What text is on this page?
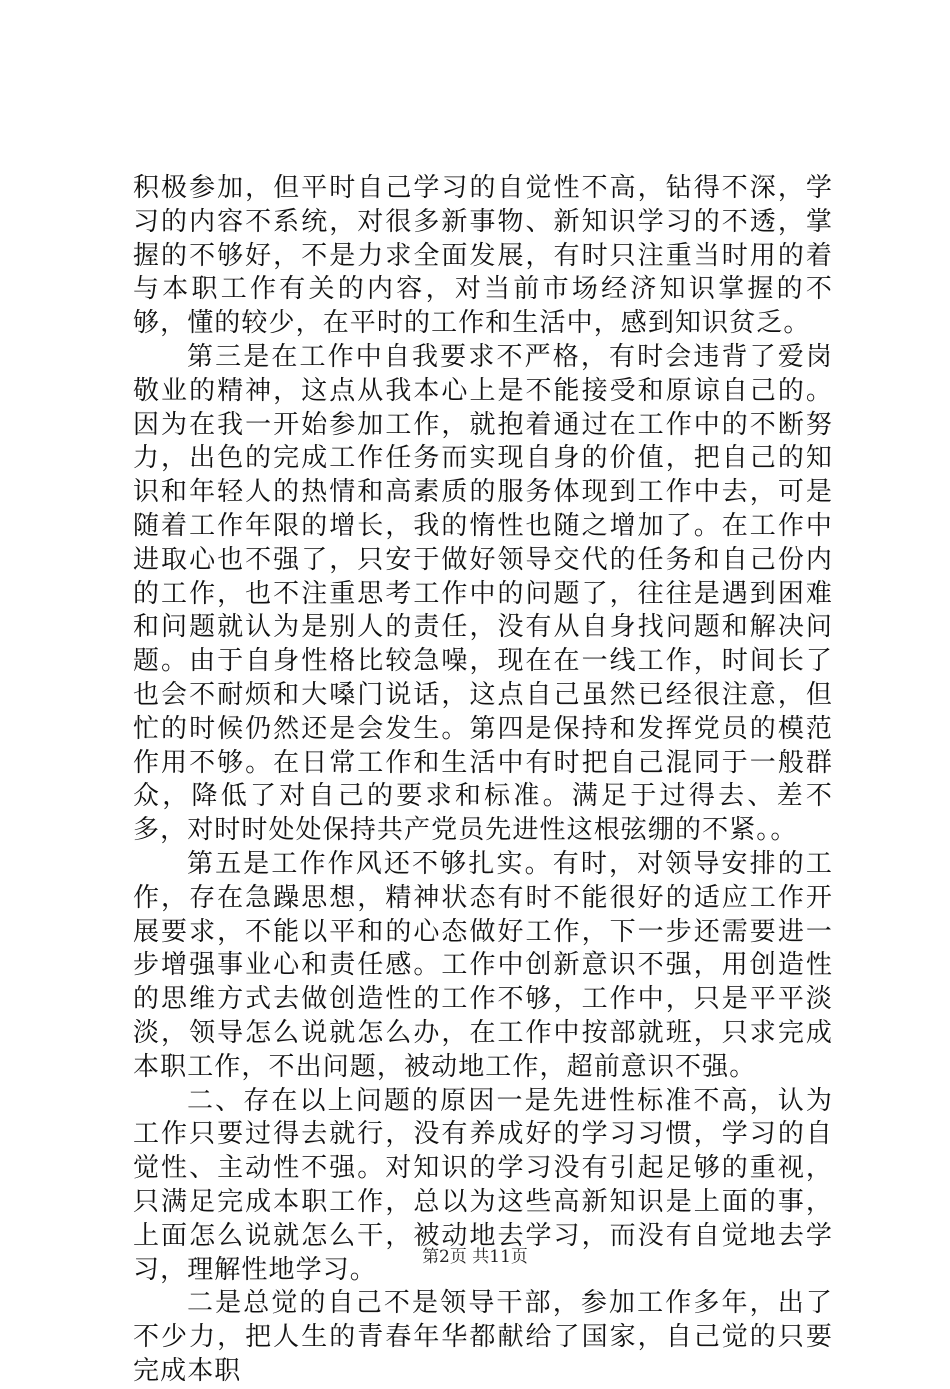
积极参加，但平时自己学习的自觉性不高，钻得不深，学习的内容不系统，对很多新事物、新知识学习的不透，掌握的不够好，不是力求全面发展，有时只注重当时用的着与本职工作有关的内容，对当前市场经济知识掌握的不够，懂的较少，在平时的工作和生活中，感到知识贫乏。

第三是在工作中自我要求不严格，有时会违背了爱岗敬业的精神，这点从我本心上是不能接受和原谅自己的。因为在我一开始参加工作，就抱着通过在工作中的不断努力，出色的完成工作任务而实现自身的价值，把自己的知识和年轻人的热情和高素质的服务体现到工作中去，可是随着工作年限的增长，我的惰性也随之增加了。在工作中进取心也不强了，只安于做好领导交代的任务和自己份内的工作，也不注重思考工作中的问题了，往往是遇到困难和问题就认为是别人的责任，没有从自身找问题和解决问题。由于自身性格比较急噪，现在在一线工作，时间长了也会不耐烦和大嗓门说话，这点自己虽然已经很注意，但忙的时候仍然还是会发生。第四是保持和发挥党员的模范作用不够。在日常工作和生活中有时把自己混同于一般群众，降低了对自己的要求和标准。满足于过得去、差不多，对时时处处保持共产党员先进性这根弦绷的不紧。。

第五是工作作风还不够扎实。有时，对领导安排的工作，存在急躁思想，精神状态有时不能很好的适应工作开展要求，不能以平和的心态做好工作，下一步还需要进一步增强事业心和责任感。工作中创新意识不强，用创造性的思维方式去做创造性的工作不够，工作中，只是平平淡淡，领导怎么说就怎么办，在工作中按部就班，只求完成本职工作，不出问题，被动地工作，超前意识不强。

二、存在以上问题的原因一是先进性标准不高，认为工作只要过得去就行，没有养成好的学习习惯，学习的自觉性、主动性不强。对知识的学习没有引起足够的重视，只满足完成本职工作，总以为这些高新知识是上面的事，上面怎么说就怎么干，被动地去学习，而没有自觉地去学习，理解性地学习。

二是总觉的自己不是领导干部，参加工作多年，出了不少力，把人生的青春年华都献给了国家，自己觉的只要完成本职

第2页 共11页
